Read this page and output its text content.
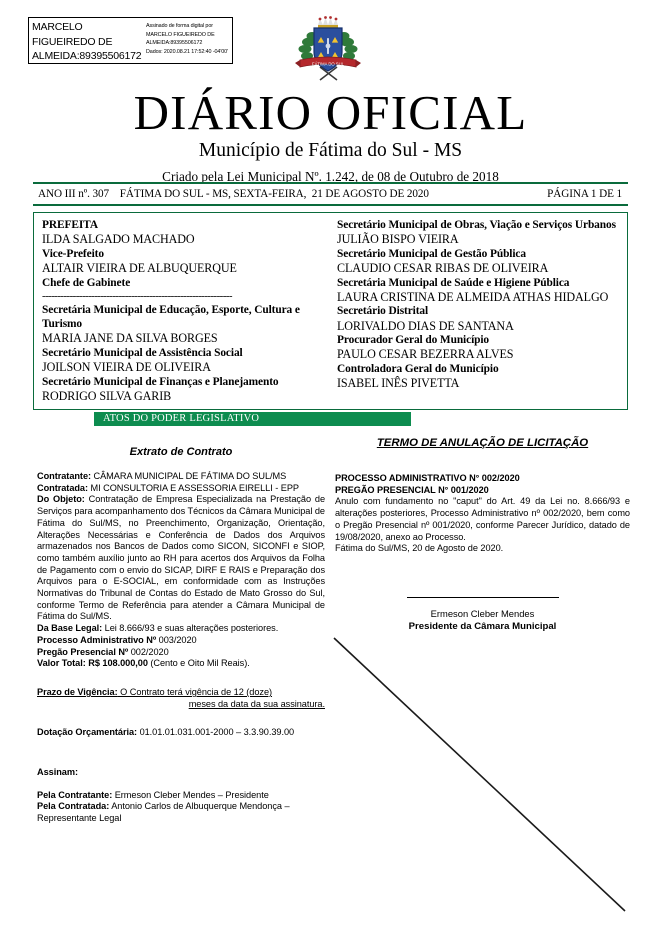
MARCELO FIGUEIREDO DE ALMEIDA:89395506172
Assinado de forma digital por
MARCELO FIGUEIREDO DE
ALMEIDA:89395506172
Dados: 2020.08.21 17:52:40 -04'00'
FÁTIMA DO SUL
DIÁRIO OFICIAL
Município de Fátima do Sul - MS
Criado pela Lei Municipal Nº. 1.242, de 08 de Outubro de 2018
ANO III nº. 307    FÁTIMA DO SUL - MS, SEXTA-FEIRA,  21 DE AGOSTO DE 2020	PÁGINA 1 DE 1
PREFEITA
ILDA SALGADO MACHADO
Vice-Prefeito
ALTAIR VIEIRA DE ALBUQUERQUE
Chefe de Gabinete
--------------------------------------------------------------
Secretária Municipal de Educação, Esporte, Cultura e Turismo
MARIA JANE DA SILVA BORGES
Secretário Municipal de Assistência Social
JOILSON VIEIRA DE OLIVEIRA
Secretário Municipal de Finanças e Planejamento
RODRIGO SILVA GARIB
Secretário Municipal de Obras, Viação e Serviços Urbanos
JULIÃO BISPO VIEIRA
Secretário Municipal de Gestão Pública
CLAUDIO CESAR RIBAS DE OLIVEIRA
Secretária Municipal de Saúde e Higiene Pública
LAURA CRISTINA DE ALMEIDA ATHAS HIDALGO
Secretário Distrital
LORIVALDO DIAS DE SANTANA
Procurador Geral do Município
PAULO CESAR BEZERRA ALVES
Controladora Geral do Município
ISABEL INÊS PIVETTA
ATOS DO PODER LEGISLATIVO
Extrato de Contrato
Contratante: CÂMARA MUNICIPAL DE FÁTIMA DO SUL/MS
Contratada: MI CONSULTORIA E ASSESSORIA EIRELLI - EPP
Do Objeto: Contratação de Empresa Especializada na Prestação de Serviços para acompanhamento dos Técnicos da Câmara Municipal de Fátima do Sul/MS, no Preenchimento, Organização, Orientação, Alterações Necessárias e Conferência de Dados dos Arquivos armazenados nos Bancos de Dados como SICON, SICONFI e SIOP, como também auxílio junto ao RH para acertos dos Arquivos da Folha de Pagamento com o envio do SICAP, DIRF E RAIS e Preparação dos Arquivos para o E-SOCIAL, em conformidade com as Instruções Normativas do Tribunal de Contas do Estado de Mato Grosso do Sul, conforme Termo de Referência para atender a Câmara Municipal de Fátima do Sul/MS.
Da Base Legal: Lei 8.666/93 e suas alterações posteriores.
Processo Administrativo Nº 003/2020
Pregão Presencial Nº 002/2020
Valor Total: R$ 108.000,00 (Cento e Oito Mil Reais).
Prazo de Vigência: O Contrato terá vigência de 12 (doze)
meses da data da sua assinatura.
Dotação Orçamentária: 01.01.01.031.001-2000 – 3.3.90.39.00
Assinam:
Pela Contratante: Ermeson Cleber Mendes – Presidente
Pela Contratada: Antonio Carlos de Albuquerque Mendonça – Representante Legal
TERMO DE ANULAÇÃO DE LICITAÇÃO
PROCESSO ADMINISTRATIVO N° 002/2020
PREGÃO PRESENCIAL N° 001/2020
Anulo com fundamento no "caput" do Art. 49 da Lei no. 8.666/93 e alterações posteriores, Processo Administrativo nº 002/2020, bem como o Pregão Presencial nº 001/2020, conforme Parecer Jurídico, datado de 19/08/2020, anexo ao Processo.
Fátima do Sul/MS, 20 de Agosto de 2020.
Ermeson Cleber Mendes
Presidente da Câmara Municipal
